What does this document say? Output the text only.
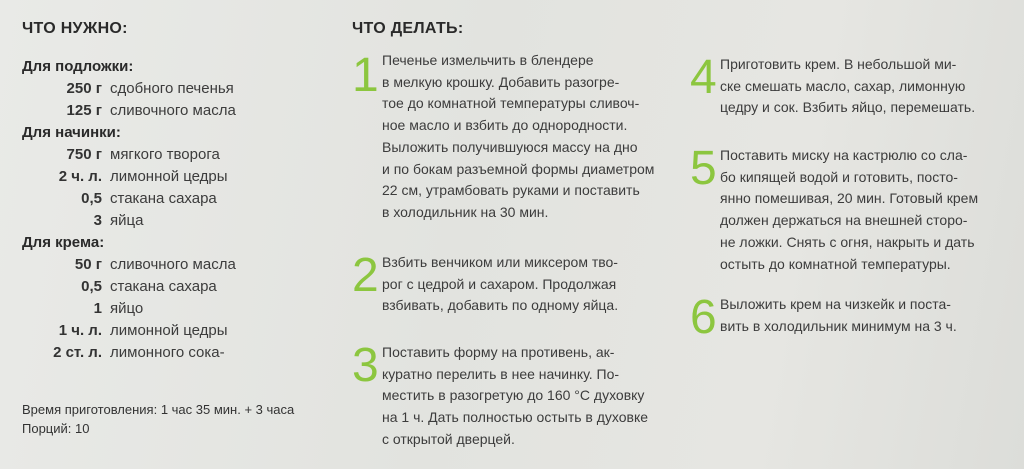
ЧТО НУЖНО:	ЧТО ДЕЛАТЬ:
Для подложки:
250 г сдобного печенья
125 г сливочного масла
Для начинки:
750 г мягкого творога
2 ч. л. лимонной цедры
0,5 стакана сахара
3 яйца
Для крема:
50 г сливочного масла
0,5 стакана сахара
1 яйцо
1 ч. л. лимонной цедры
2 ст. л. лимонного сока-
Время приготовления: 1 час 35 мин. + 3 часа
Порций: 10
1 Печенье измельчить в блендере
в мелкую крошку. Добавить разогре-
тое до комнатной температуры сливоч-
ное масло и взбить до однородности.
Выложить получившуюся массу на дно
и по бокам разъемной формы диаметром
22 см, утрамбовать руками и поставить
в холодильник на 30 мин.
2 Взбить венчиком или миксером тво-
рог с цедрой и сахаром. Продолжая
взбивать, добавить по одному яйца.
3 Поставить форму на противень, ак-
куратно перелить в нее начинку. По-
местить в разогретую до 160 °С духовку
на 1 ч. Дать полностью остыть в духовке
с открытой дверцей.
4 Приготовить крем. В небольшой ми-
ске смешать масло, сахар, лимонную
цедру и сок. Взбить яйцо, перемешать.
5 Поставить миску на кастрюлю со сла-
бо кипящей водой и готовить, посто-
янно помешивая, 20 мин. Готовый крем
должен держаться на внешней сторо-
не ложки. Снять с огня, накрыть и дать
остыть до комнатной температуры.
6 Выложить крем на чизкейк и поста-
вить в холодильник минимум на 3 ч.
